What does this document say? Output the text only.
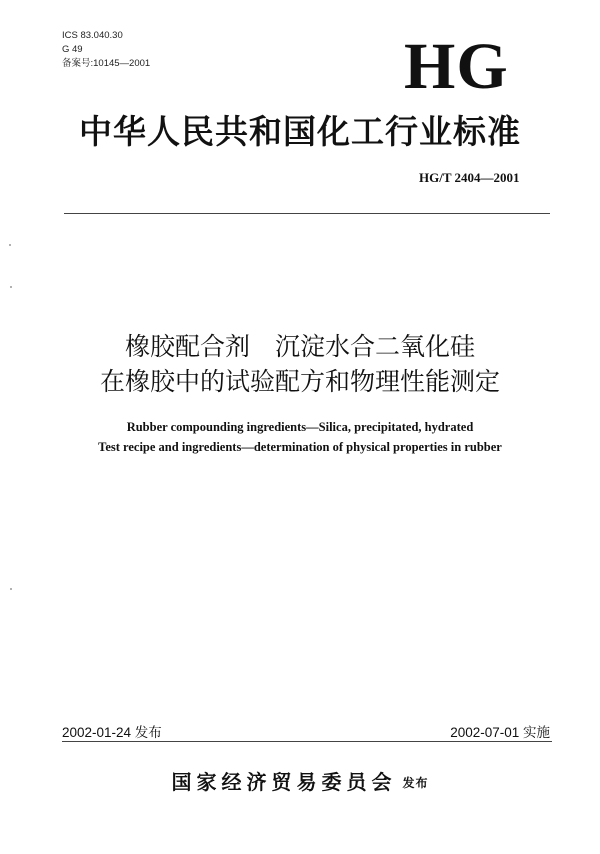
ICS 83.040.30
G 49
备案号:10145—2001	HG
中华人民共和国化工行业标准
HG/T 2404—2001
橡胶配合剂　沉淀水合二氧化硅
在橡胶中的试验配方和物理性能测定
Rubber compounding ingredients—Silica, precipitated, hydrated
Test recipe and ingredients—determination of physical properties in rubber
2002-01-24 发布	2002-07-01 实施
国家经济贸易委员会 发布
